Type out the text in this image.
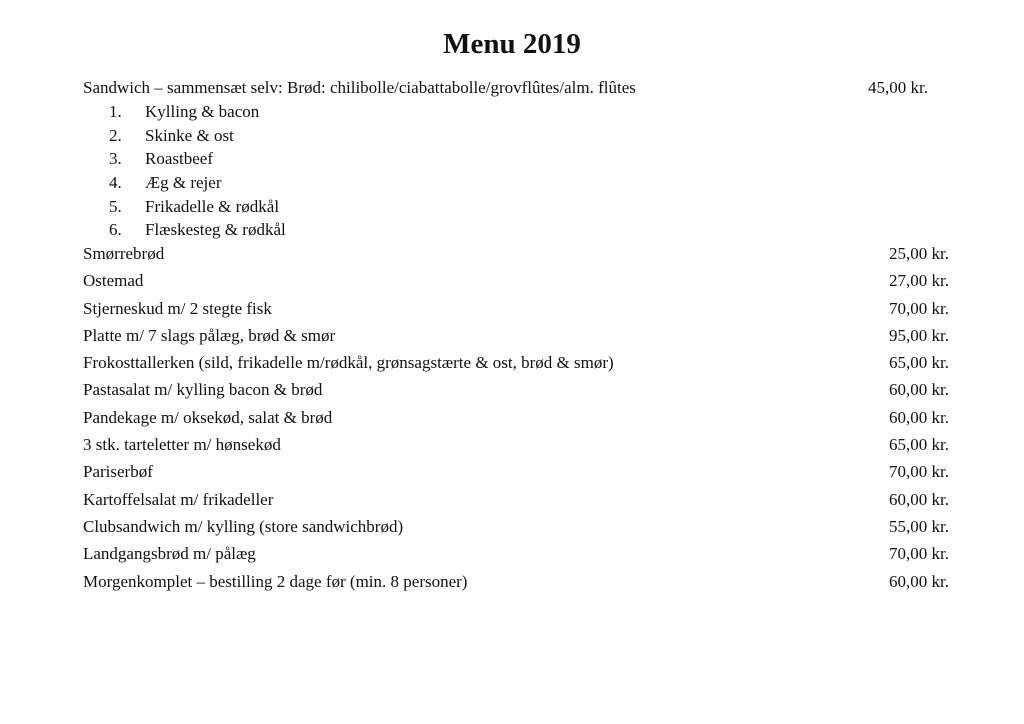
Menu 2019
Sandwich – sammensæt selv: Brød: chilibolle/ciabattabolle/grovflûtes/alm. flûtes	45,00 kr.
1. Kylling & bacon
2. Skinke & ost
3. Roastbeef
4. Æg & rejer
5. Frikadelle & rødkål
6. Flæskesteg & rødkål
Smørrebrød	25,00 kr.
Ostemad	27,00 kr.
Stjerneskud m/ 2 stegte fisk	70,00 kr.
Platte m/ 7 slags pålæg, brød & smør	95,00 kr.
Frokosttallerken (sild, frikadelle m/rødkål, grønsagstærte & ost, brød & smør)	65,00 kr.
Pastasalat m/ kylling bacon & brød	60,00 kr.
Pandekage m/ oksekød, salat & brød	60,00 kr.
3 stk. tarteletter m/ hønsekød	65,00 kr.
Pariserbøf	70,00 kr.
Kartoffelsalat m/ frikadeller	60,00 kr.
Clubsandwich m/ kylling (store sandwichbrød)	55,00 kr.
Landgangsbrød m/ pålæg	70,00 kr.
Morgenkomplet – bestilling 2 dage før (min. 8 personer)	60,00 kr.
